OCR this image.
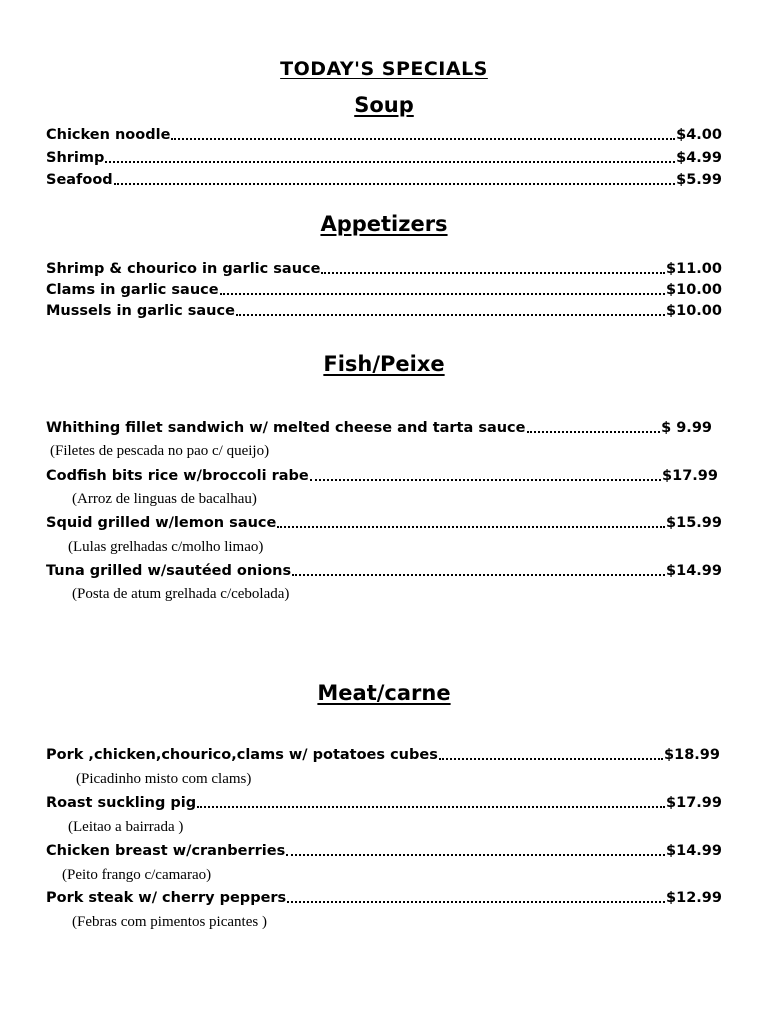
TODAY'S SPECIALS
Soup
Chicken noodle	$4.00
Shrimp	$4.99
Seafood	$5.99
Appetizers
Shrimp & chourico in garlic sauce	$11.00
Clams in garlic sauce	$10.00
Mussels in garlic sauce	$10.00
Fish/Peixe
Whithing fillet sandwich w/ melted cheese and tarta sauce	$ 9.99
(Filetes de pescada no pao c/ queijo)
Codfish bits rice w/broccoli rabe	$17.99
(Arroz de linguas de bacalhau)
Squid grilled w/lemon sauce	$15.99
(Lulas grelhadas c/molho limao)
Tuna grilled w/sautéed onions	$14.99
(Posta de atum grelhada c/cebolada)
Meat/carne
Pork ,chicken,chourico,clams w/ potatoes cubes	$18.99
(Picadinho misto com clams)
Roast suckling pig	$17.99
(Leitao a bairrada )
Chicken breast w/cranberries	$14.99
(Peito frango c/camarao)
Pork steak w/ cherry peppers	$12.99
(Febras com pimentos picantes )
